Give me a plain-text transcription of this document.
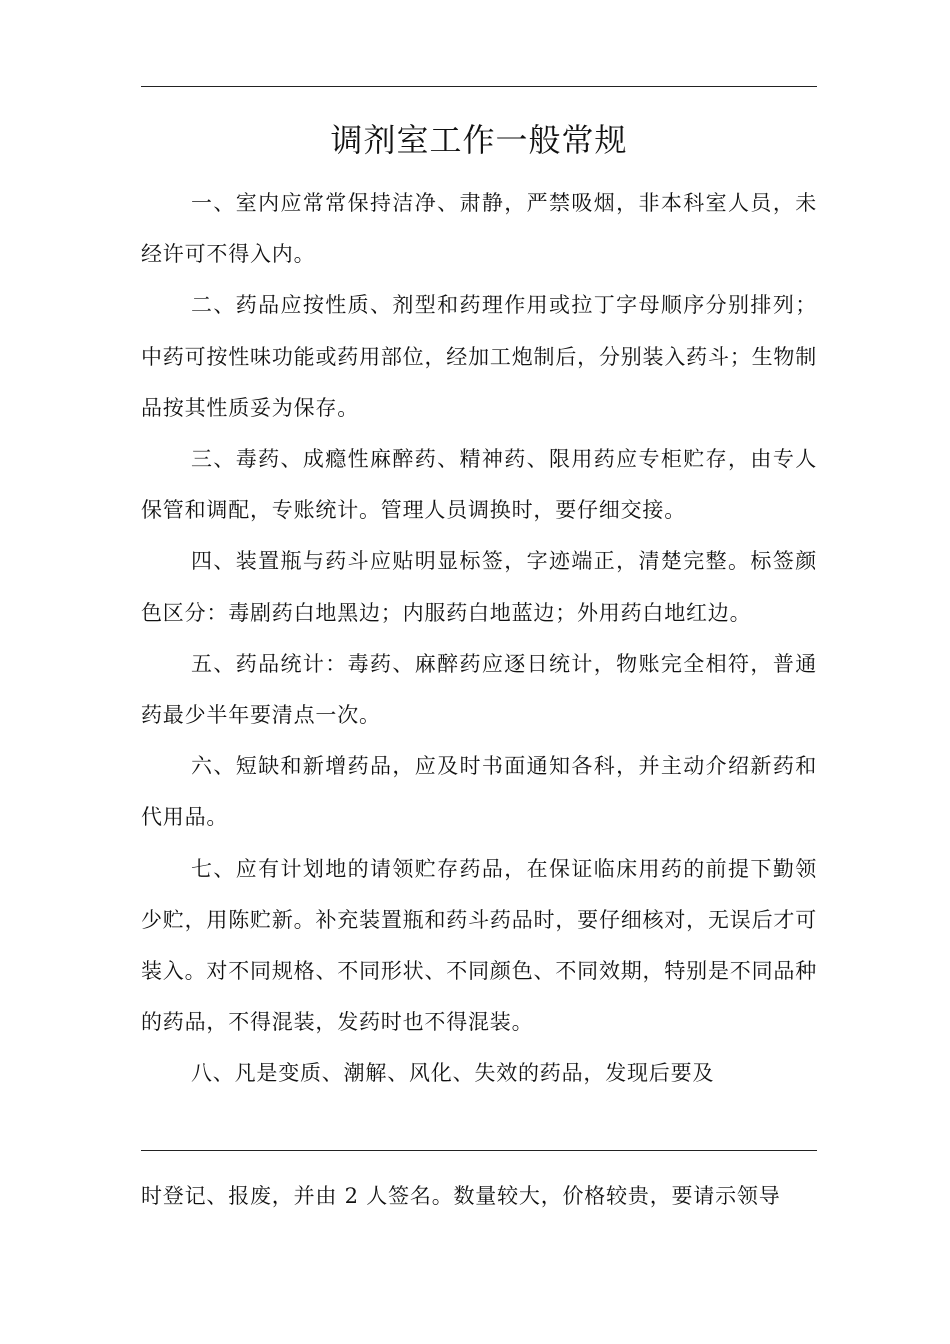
调剂室工作一般常规

一、室内应常常保持洁净、肃静，严禁吸烟，非本科室人员，未经许可不得入内。

二、药品应按性质、剂型和药理作用或拉丁字母顺序分别排列；中药可按性味功能或药用部位，经加工炮制后，分别装入药斗；生物制品按其性质妥为保存。

三、毒药、成瘾性麻醉药、精神药、限用药应专柜贮存，由专人保管和调配，专账统计。管理人员调换时，要仔细交接。

四、装置瓶与药斗应贴明显标签，字迹端正，清楚完整。标签颜色区分：毒剧药白地黑边；内服药白地蓝边；外用药白地红边。

五、药品统计：毒药、麻醉药应逐日统计，物账完全相符，普通药最少半年要清点一次。

六、短缺和新增药品，应及时书面通知各科，并主动介绍新药和代用品。

七、应有计划地的请领贮存药品，在保证临床用药的前提下勤领少贮，用陈贮新。补充装置瓶和药斗药品时，要仔细核对，无误后才可装入。对不同规格、不同形状、不同颜色、不同效期，特别是不同品种的药品，不得混装，发药时也不得混装。

八、凡是变质、潮解、风化、失效的药品，发现后要及

时登记、报废，并由 2 人签名。数量较大，价格较贵，要请示领导
